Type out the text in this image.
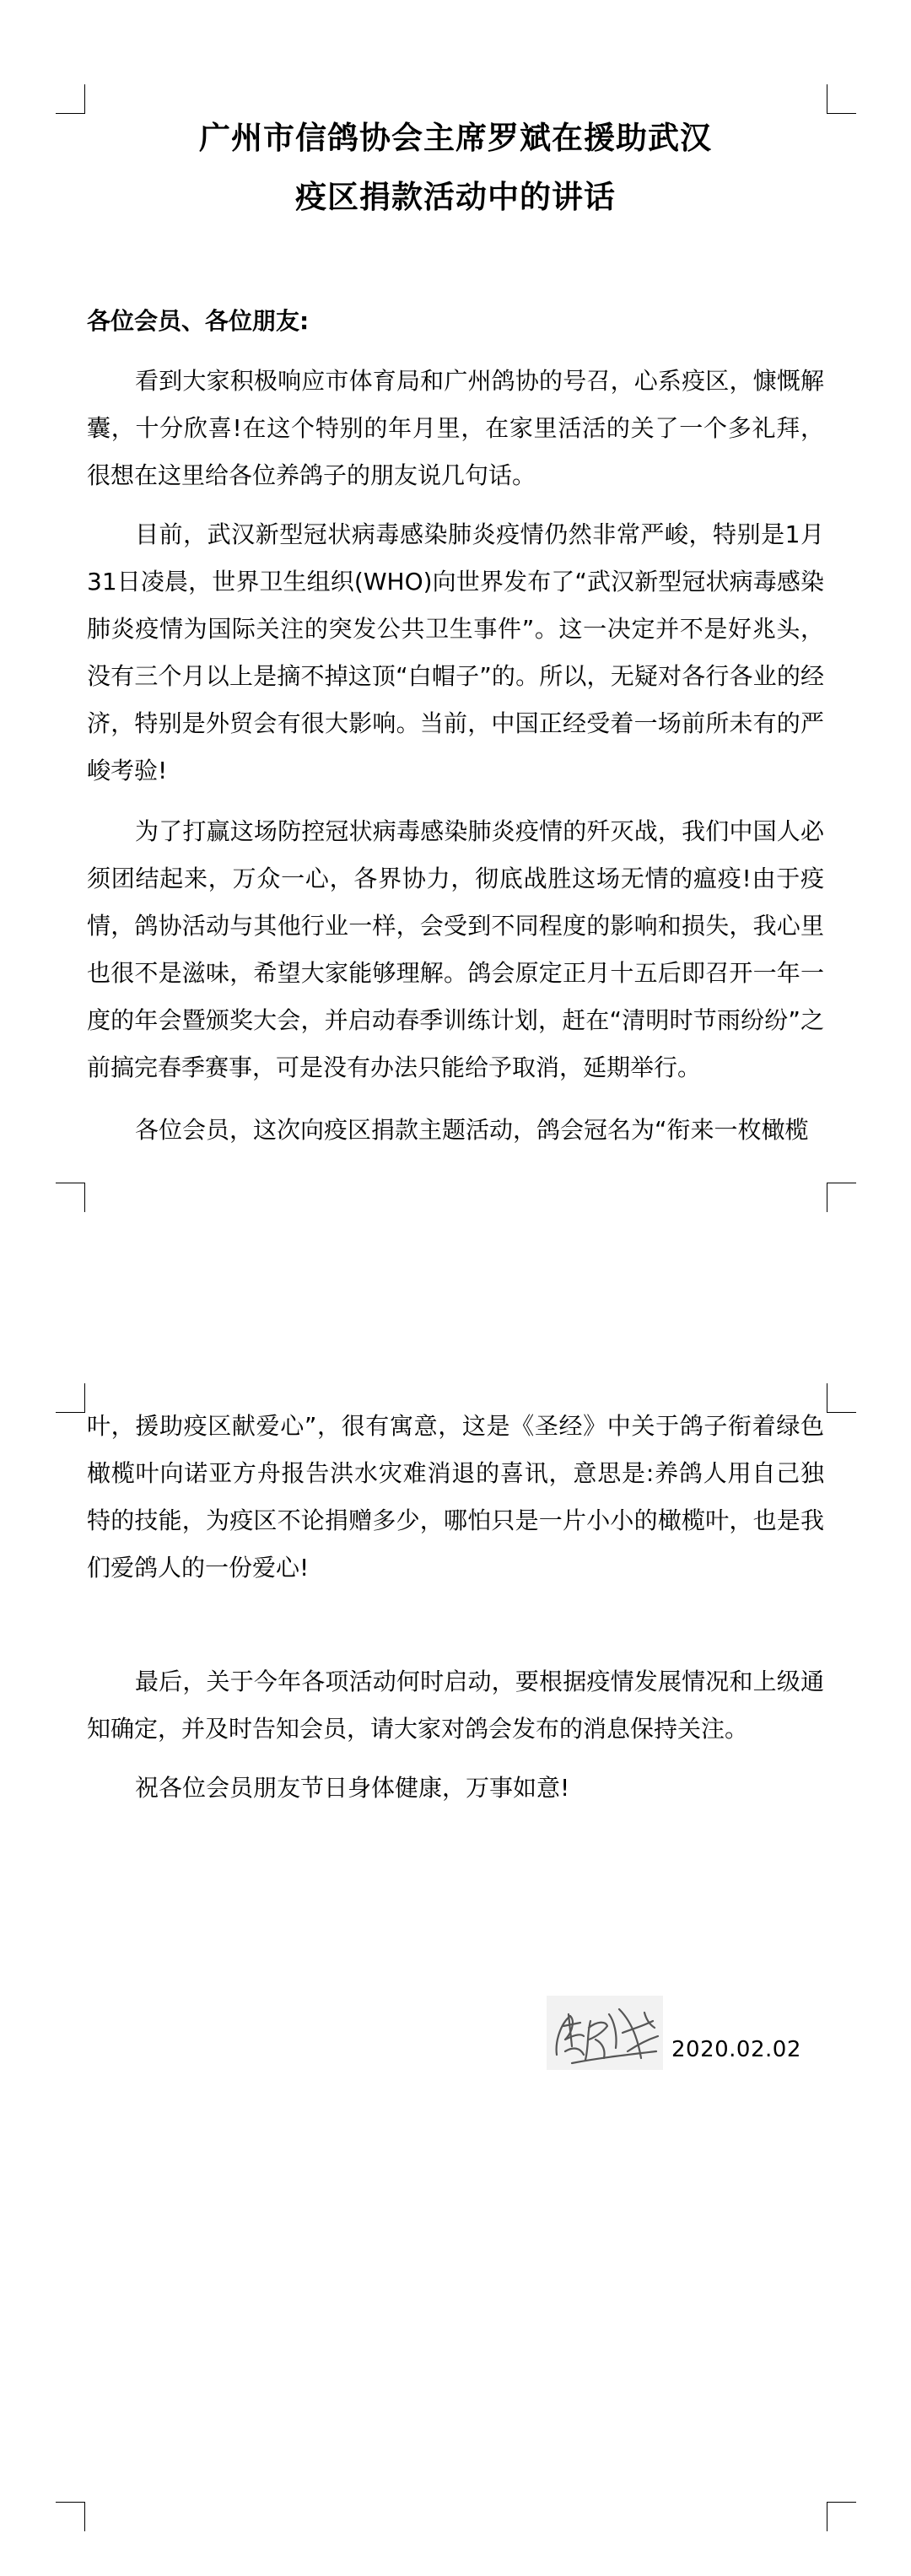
广州市信鸽协会主席罗斌在援助武汉
疫区捐款活动中的讲话
各位会员、各位朋友:

看到大家积极响应市体育局和广州鸽协的号召，心系疫区，慷慨解囊，十分欣喜!在这个特别的年月里，在家里活活的关了一个多礼拜，很想在这里给各位养鸽子的朋友说几句话。

目前，武汉新型冠状病毒感染肺炎疫情仍然非常严峻，特别是1月31日凌晨，世界卫生组织(WHO)向世界发布了“武汉新型冠状病毒感染肺炎疫情为国际关注的突发公共卫生事件”。这一决定并不是好兆头，没有三个月以上是摘不掉这顶“白帽子”的。所以，无疑对各行各业的经济，特别是外贸会有很大影响。当前，中国正经受着一场前所未有的严峻考验!

为了打赢这场防控冠状病毒感染肺炎疫情的歼灭战，我们中国人必须团结起来，万众一心，各界协力，彻底战胜这场无情的瘟疫!由于疫情，鸽协活动与其他行业一样，会受到不同程度的影响和损失，我心里也很不是滋味，希望大家能够理解。鸽会原定正月十五后即召开一年一度的年会暨颁奖大会，并启动春季训练计划，赶在“清明时节雨纷纷”之前搞完春季赛事，可是没有办法只能给予取消，延期举行。

各位会员，这次向疫区捐款主题活动，鸽会冠名为“衔来一枚橄榄

叶，援助疫区献爱心”，很有寓意，这是《圣经》中关于鸽子衔着绿色橄榄叶向诺亚方舟报告洪水灾难消退的喜讯，意思是:养鸽人用自己独特的技能，为疫区不论捐赠多少，哪怕只是一片小小的橄榄叶，也是我们爱鸽人的一份爱心!

最后，关于今年各项活动何时启动，要根据疫情发展情况和上级通知确定，并及时告知会员，请大家对鸽会发布的消息保持关注。

祝各位会员朋友节日身体健康，万事如意!

2020.02.02
